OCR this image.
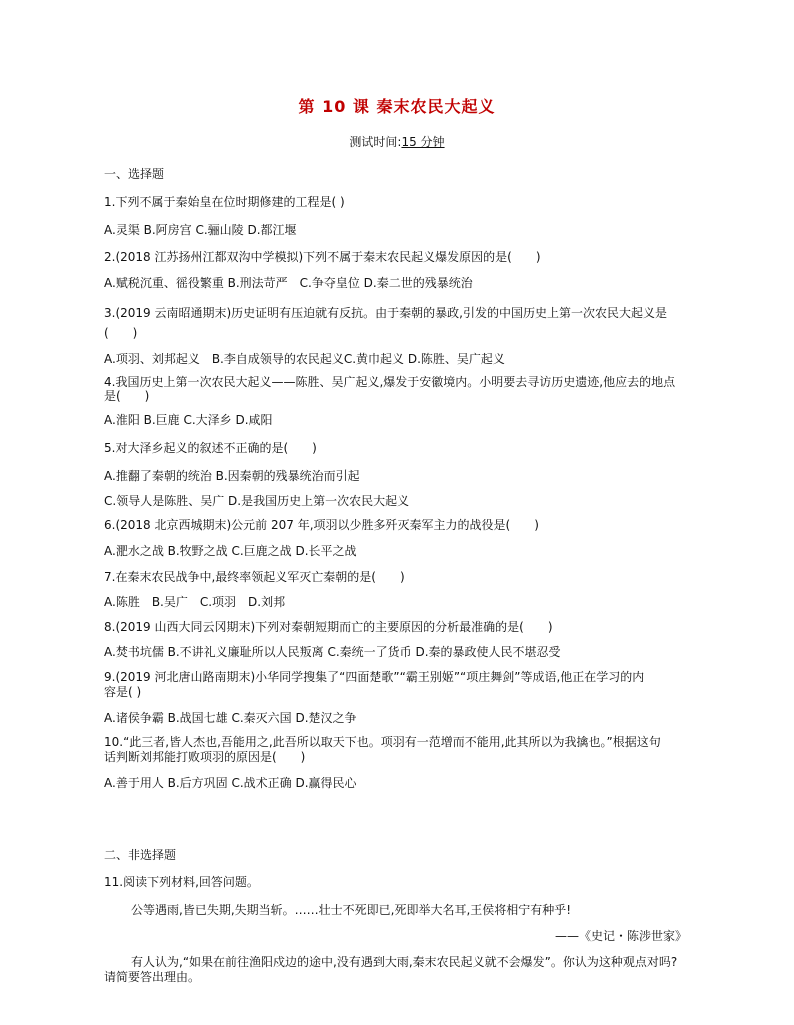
第 10 课 秦末农民大起义
测试时间:15 分钟
一、选择题
1.下列不属于秦始皇在位时期修建的工程是( )
A.灵渠 B.阿房宫 C.骊山陵 D.都江堰
2.(2018 江苏扬州江都双沟中学模拟)下列不属于秦末农民起义爆发原因的是(　　)
A.赋税沉重、徭役繁重 B.刑法苛严　C.争夺皇位 D.秦二世的残暴统治
3.(2019 云南昭通期末)历史证明有压迫就有反抗。由于秦朝的暴政,引发的中国历史上第一次农民大起义是
(　　)
A.项羽、刘邦起义　B.李自成领导的农民起义C.黄巾起义 D.陈胜、吴广起义
4.我国历史上第一次农民大起义——陈胜、吴广起义,爆发于安徽境内。小明要去寻访历史遗迹,他应去的地点
是(　　)
A.淮阳 B.巨鹿 C.大泽乡 D.咸阳
5.对大泽乡起义的叙述不正确的是(　　)
A.推翻了秦朝的统治 B.因秦朝的残暴统治而引起
C.领导人是陈胜、吴广 D.是我国历史上第一次农民大起义
6.(2018 北京西城期末)公元前 207 年,项羽以少胜多歼灭秦军主力的战役是(　　)
A.淝水之战 B.牧野之战 C.巨鹿之战 D.长平之战
7.在秦末农民战争中,最终率领起义军灭亡秦朝的是(　　)
A.陈胜　B.吴广　C.项羽　D.刘邦
8.(2019 山西大同云冈期末)下列对秦朝短期而亡的主要原因的分析最准确的是(　　)
A.焚书坑儒 B.不讲礼义廉耻所以人民叛离 C.秦统一了货币 D.秦的暴政使人民不堪忍受
9.(2019 河北唐山路南期末)小华同学搜集了“四面楚歌”“霸王别姬”“项庄舞剑”等成语,他正在学习的内
容是( )
A.诸侯争霸 B.战国七雄 C.秦灭六国 D.楚汉之争
10.“此三者,皆人杰也,吾能用之,此吾所以取天下也。项羽有一范增而不能用,此其所以为我擒也。”根据这句
话判断刘邦能打败项羽的原因是(　　)
A.善于用人 B.后方巩固 C.战术正确 D.赢得民心
二、非选择题
11.阅读下列材料,回答问题。
公等遇雨,皆已失期,失期当斩。……壮士不死即已,死即举大名耳,王侯将相宁有种乎!
——《史记・陈涉世家》
有人认为,“如果在前往渔阳戍边的途中,没有遇到大雨,秦末农民起义就不会爆发”。你认为这种观点对吗?
请简要答出理由。
